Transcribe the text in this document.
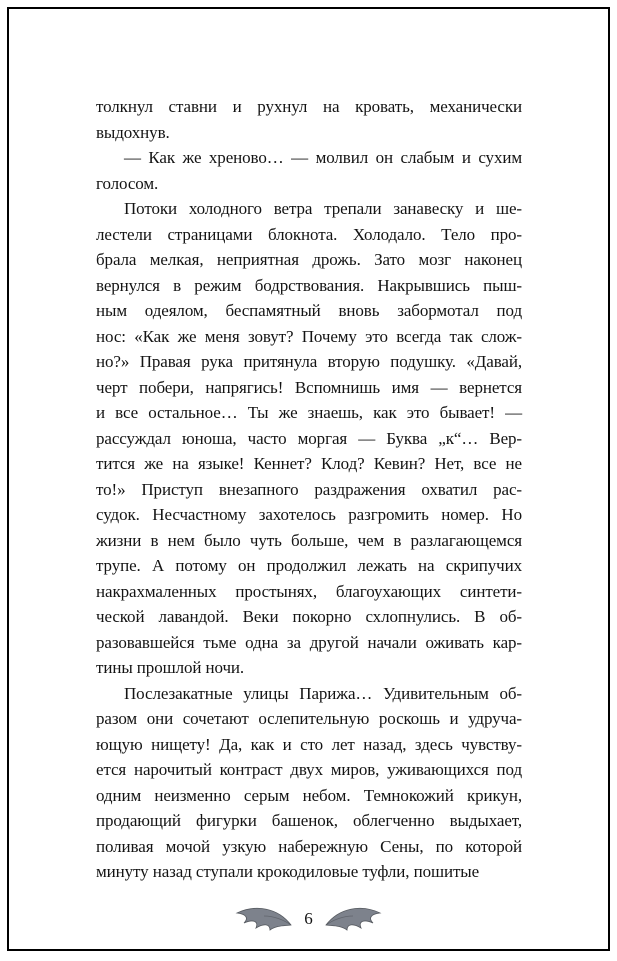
толкнул ставни и рухнул на кровать, механически
выдохнув.
— Как же хреново… — молвил он слабым и сухим
голосом.
Потоки холодного ветра трепали занавеску и ше-
лестели страницами блокнота. Холодало. Тело про-
брала мелкая, неприятная дрожь. Зато мозг наконец
вернулся в режим бодрствования. Накрывшись пыш-
ным одеялом, беспамятный вновь забормотал под
нос: «Как же меня зовут? Почему это всегда так слож-
но?» Правая рука притянула вторую подушку. «Давай,
черт побери, напрягись! Вспомнишь имя — вернется
и все остальное… Ты же знаешь, как это бывает! —
рассуждал юноша, часто моргая — Буква „к“… Вер-
тится же на языке! Кеннет? Клод? Кевин? Нет, все не
то!» Приступ внезапного раздражения охватил рас-
судок. Несчастному захотелось разгромить номер. Но
жизни в нем было чуть больше, чем в разлагающемся
трупе. А потому он продолжил лежать на скрипучих
накрахмаленных простынях, благоухающих синтети-
ческой лавандой. Веки покорно схлопнулись. В об-
разовавшейся тьме одна за другой начали оживать кар-
тины прошлой ночи.
Послезакатные улицы Парижа… Удивительным об-
разом они сочетают ослепительную роскошь и удруча-
ющую нищету! Да, как и сто лет назад, здесь чувству-
ется нарочитый контраст двух миров, уживающихся под
одним неизменно серым небом. Темнокожий крикун,
продающий фигурки башенок, облегченно выдыхает,
поливая мочой узкую набережную Сены, по которой
минуту назад ступали крокодиловые туфли, пошитые
6
